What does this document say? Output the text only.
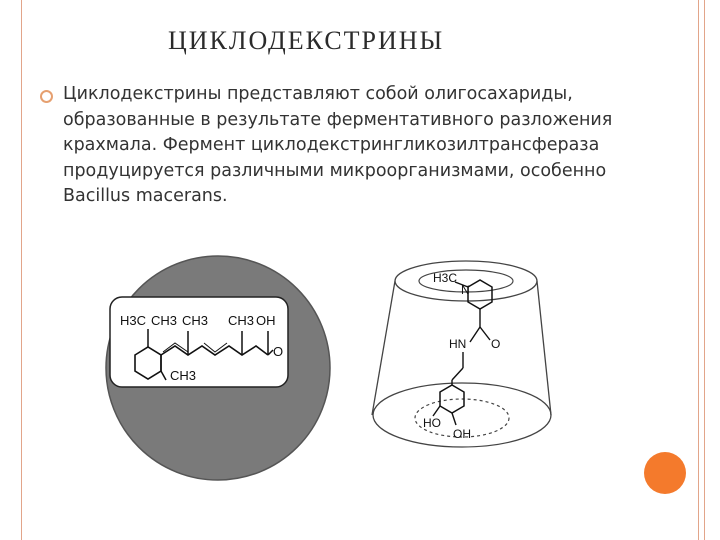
ЦИКЛОДЕКСТРИНЫ

Циклодекстрины представляют собой олигосахариды, образованные в результате ферментативного разложения крахмала. Фермент циклодекстрингликозилтрансфераза продуцируется различными микроорганизмами, особенно Bacillus macerans.

H3C CH3 CH3 CH3 OH
O
CH3
H3C
N
HN O
HO
OH
